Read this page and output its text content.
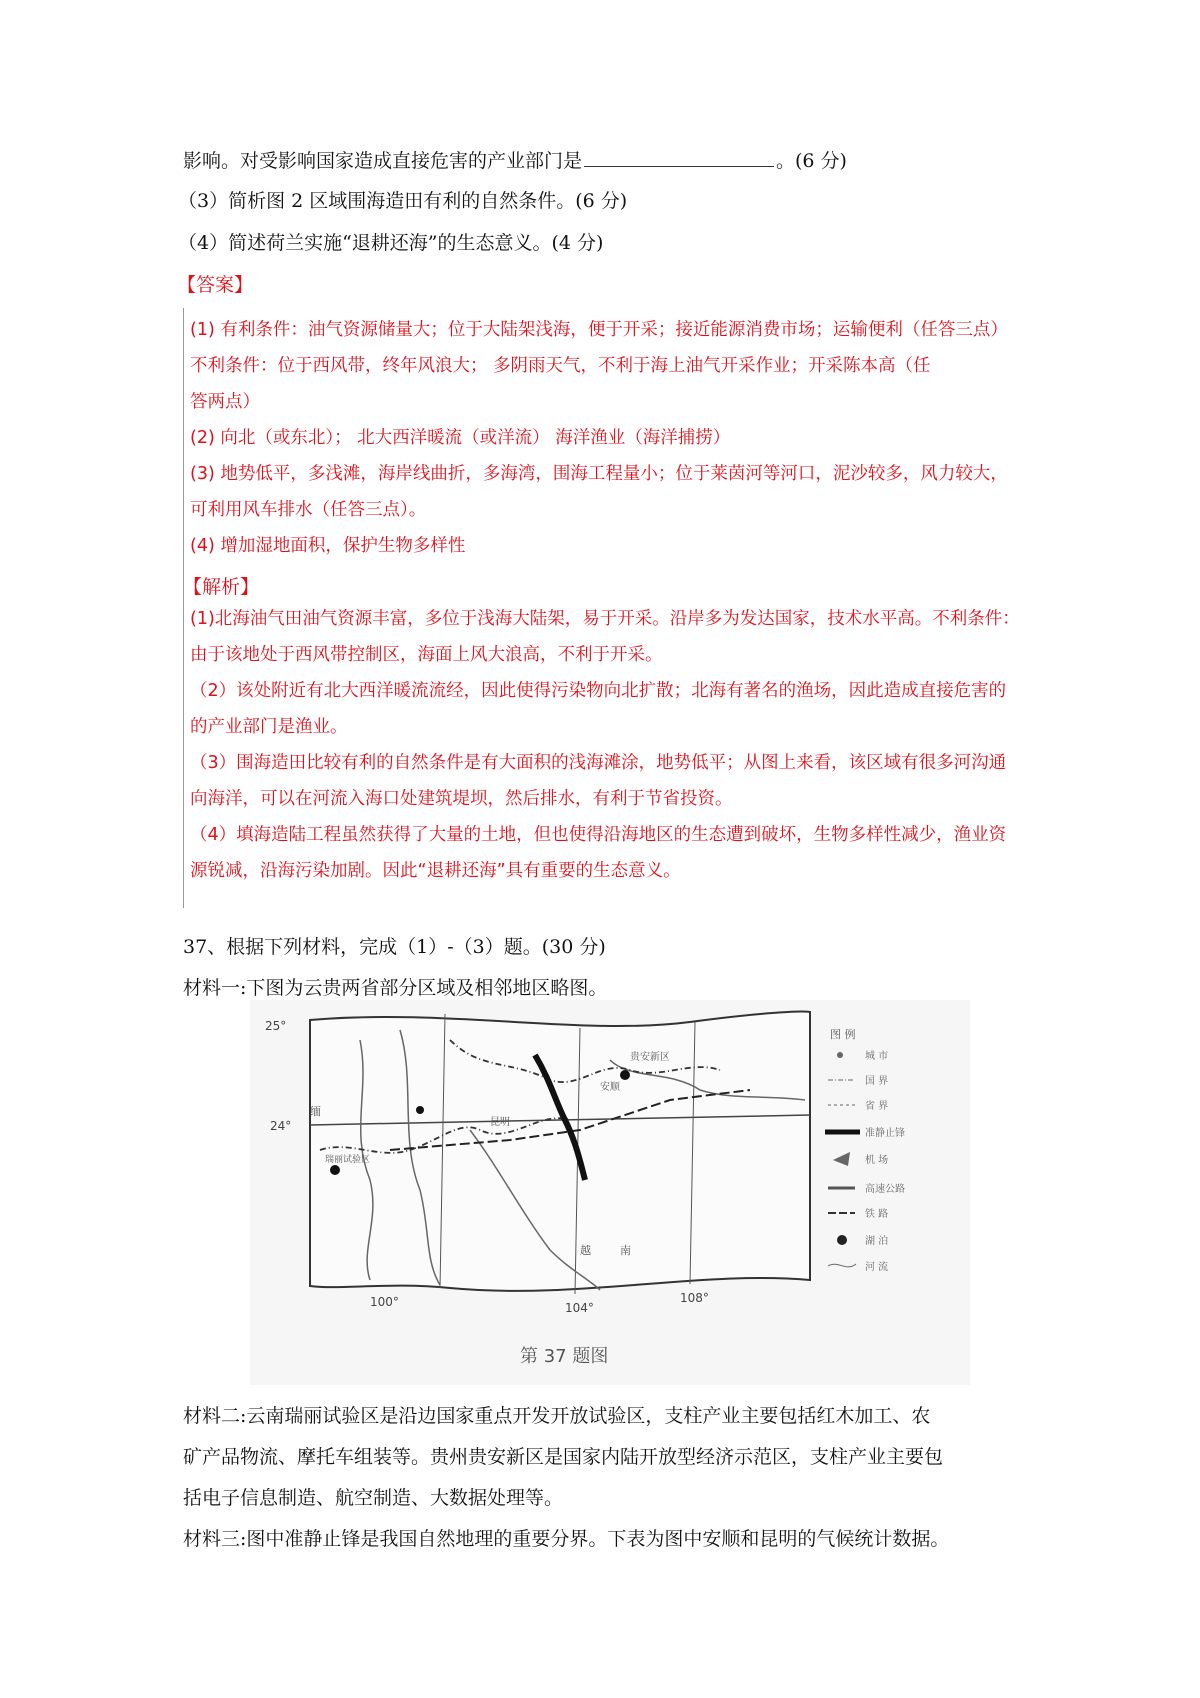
影响。对受影响国家造成直接危害的产业部门是	。(6 分)
（3）简析图 2 区域围海造田有利的自然条件。(6 分)
（4）简述荷兰实施“退耕还海”的生态意义。(4 分)
【答案】
(1) 有利条件：油气资源储量大；位于大陆架浅海，便于开采；接近能源消费市场；运输便利（任答三点）
不利条件：位于西风带，终年风浪大； 多阴雨天气，不利于海上油气开采作业；开采陈本高（任
答两点）
(2) 向北（或东北）； 北大西洋暖流（或洋流） 海洋渔业（海洋捕捞）
(3) 地势低平，多浅滩，海岸线曲折，多海湾，围海工程量小；位于莱茵河等河口，泥沙较多，风力较大，
可利用风车排水（任答三点）。
(4) 增加湿地面积，保护生物多样性
【解析】
(1)北海油气田油气资源丰富，多位于浅海大陆架，易于开采。沿岸多为发达国家，技术水平高。不利条件：
由于该地处于西风带控制区，海面上风大浪高，不利于开采。
（2）该处附近有北大西洋暖流流经，因此使得污染物向北扩散；北海有著名的渔场，因此造成直接危害的
的产业部门是渔业。
（3）围海造田比较有利的自然条件是有大面积的浅海滩涂，地势低平；从图上来看，该区域有很多河沟通
向海洋，可以在河流入海口处建筑堤坝，然后排水，有利于节省投资。
（4）填海造陆工程虽然获得了大量的土地，但也使得沿海地区的生态遭到破坏，生物多样性减少，渔业资
源锐减，沿海污染加剧。因此“退耕还海”具有重要的生态意义。
37、根据下列材料，完成（1）-（3）题。(30 分)
材料一:下图为云贵两省部分区域及相邻地区略图。
25°
24°
100°	104°
108°
缅
瑞丽试验区
昆明
贵安新区
安顺
越	南
图 例
城 市
国 界
省 界
准静止锋
机 场
高速公路
铁 路
湖 泊
河 流
第 37 题图
材料二:云南瑞丽试验区是沿边国家重点开发开放试验区，支柱产业主要包括红木加工、农
矿产品物流、摩托车组装等。贵州贵安新区是国家内陆开放型经济示范区，支柱产业主要包
括电子信息制造、航空制造、大数据处理等。
材料三:图中准静止锋是我国自然地理的重要分界。下表为图中安顺和昆明的气候统计数据。
